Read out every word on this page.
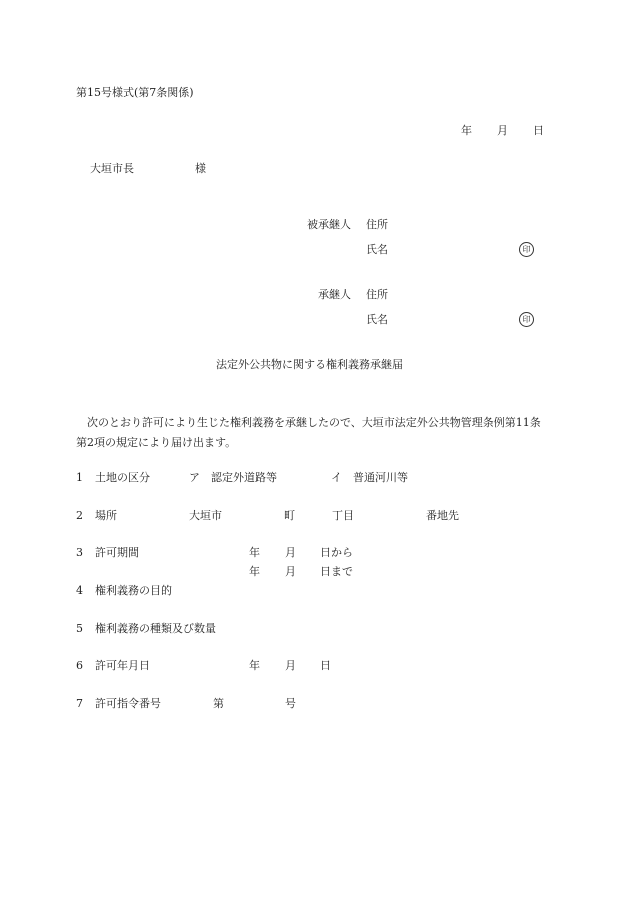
第15号様式(第7条関係)
年 月 日
大垣市長	様
被承継人 住所
氏名	印
承継人 住所
氏名	印
法定外公共物に関する権利義務承継届
次のとおり許可により生じた権利義務を承継したので、大垣市法定外公共物管理条例第11条第2項の規定により届け出ます。
1 土地の区分	ア　認定外道路等	イ　普通河川等
2 場所	大垣市	町	丁目	番地先
3 許可期間	年 月 日から
年 月 日まで
4 権利義務の目的
5 権利義務の種類及び数量
6 許可年月日	年 月 日
7 許可指令番号	第	号
